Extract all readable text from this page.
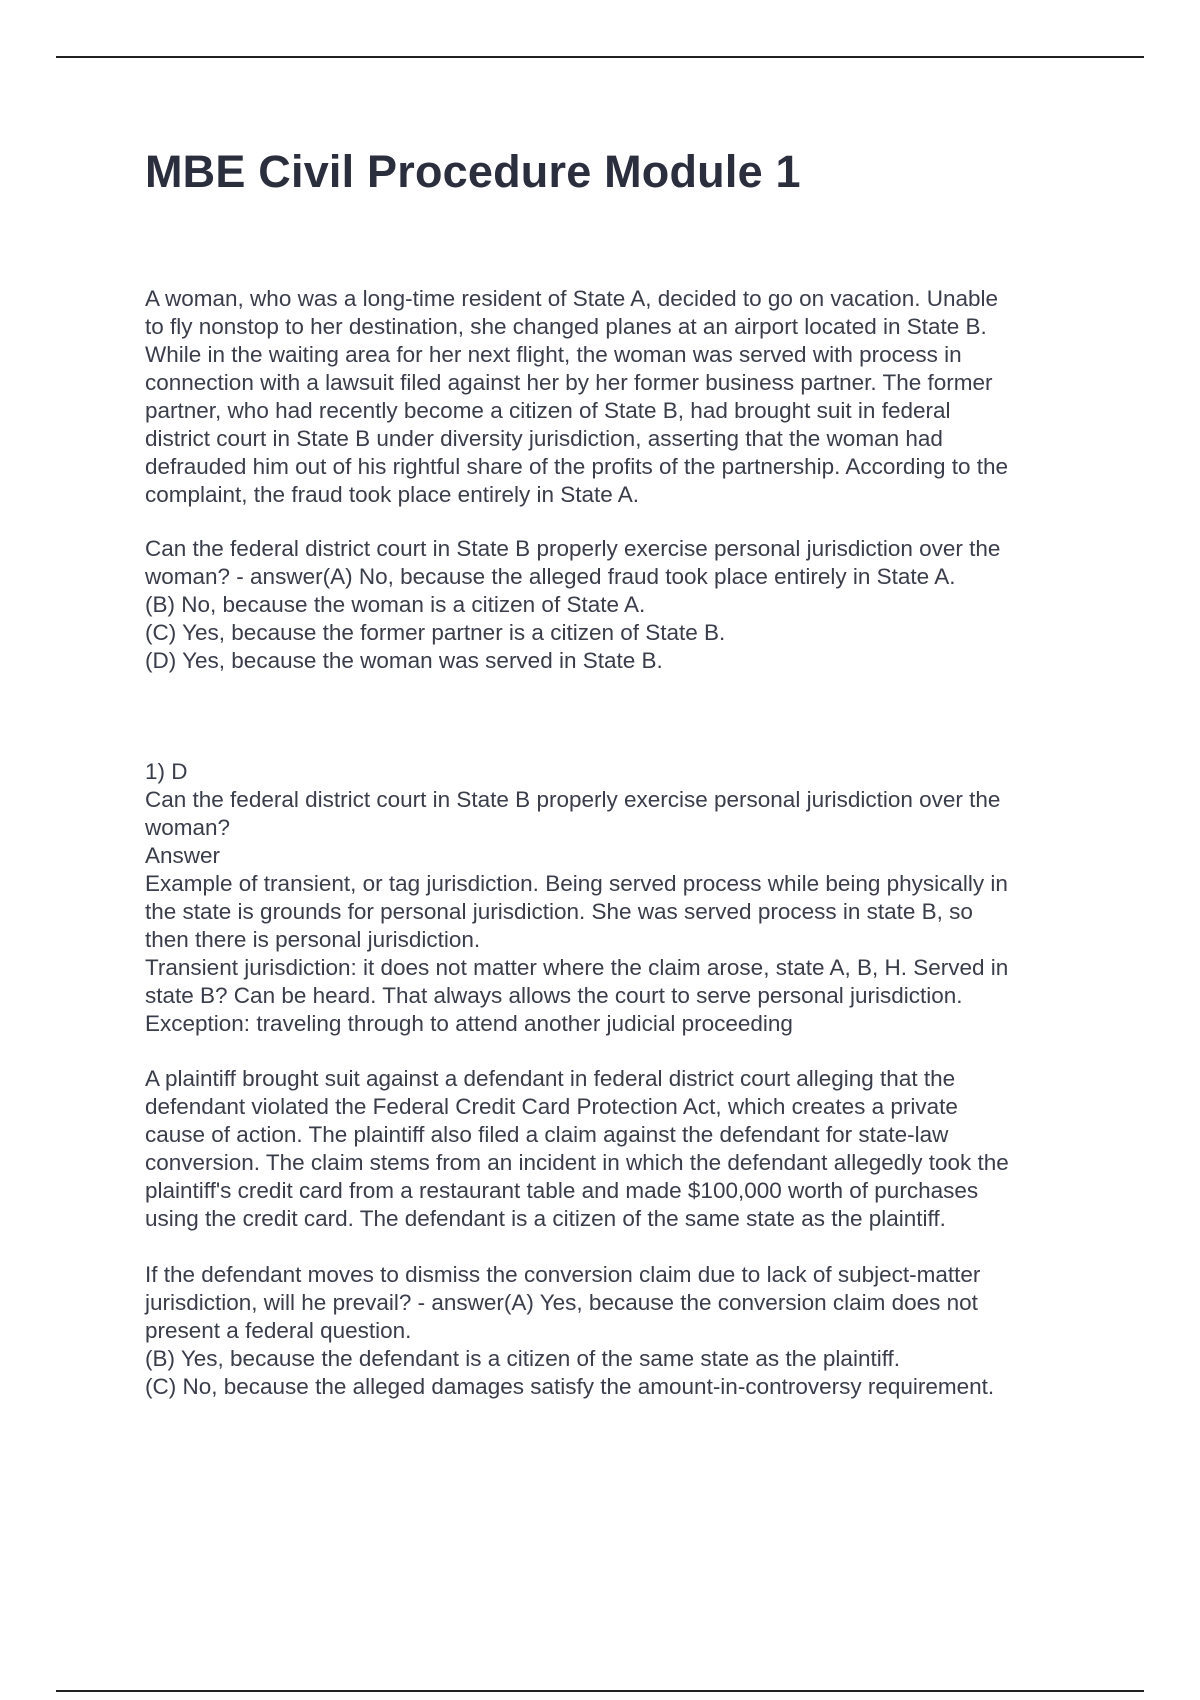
MBE Civil Procedure Module 1
A woman, who was a long-time resident of State A, decided to go on vacation. Unable
to fly nonstop to her destination, she changed planes at an airport located in State B.
While in the waiting area for her next flight, the woman was served with process in
connection with a lawsuit filed against her by her former business partner. The former
partner, who had recently become a citizen of State B, had brought suit in federal
district court in State B under diversity jurisdiction, asserting that the woman had
defrauded him out of his rightful share of the profits of the partnership. According to the
complaint, the fraud took place entirely in State A.
Can the federal district court in State B properly exercise personal jurisdiction over the
woman? - answer(A) No, because the alleged fraud took place entirely in State A.
(B) No, because the woman is a citizen of State A.
(C) Yes, because the former partner is a citizen of State B.
(D) Yes, because the woman was served in State B.
1) D
Can the federal district court in State B properly exercise personal jurisdiction over the
woman?
Answer
Example of transient, or tag jurisdiction. Being served process while being physically in
the state is grounds for personal jurisdiction. She was served process in state B, so
then there is personal jurisdiction.
Transient jurisdiction: it does not matter where the claim arose, state A, B, H. Served in
state B? Can be heard. That always allows the court to serve personal jurisdiction.
Exception: traveling through to attend another judicial proceeding
A plaintiff brought suit against a defendant in federal district court alleging that the
defendant violated the Federal Credit Card Protection Act, which creates a private
cause of action. The plaintiff also filed a claim against the defendant for state-law
conversion. The claim stems from an incident in which the defendant allegedly took the
plaintiff's credit card from a restaurant table and made $100,000 worth of purchases
using the credit card. The defendant is a citizen of the same state as the plaintiff.
If the defendant moves to dismiss the conversion claim due to lack of subject-matter
jurisdiction, will he prevail? - answer(A) Yes, because the conversion claim does not
present a federal question.
(B) Yes, because the defendant is a citizen of the same state as the plaintiff.
(C) No, because the alleged damages satisfy the amount-in-controversy requirement.
